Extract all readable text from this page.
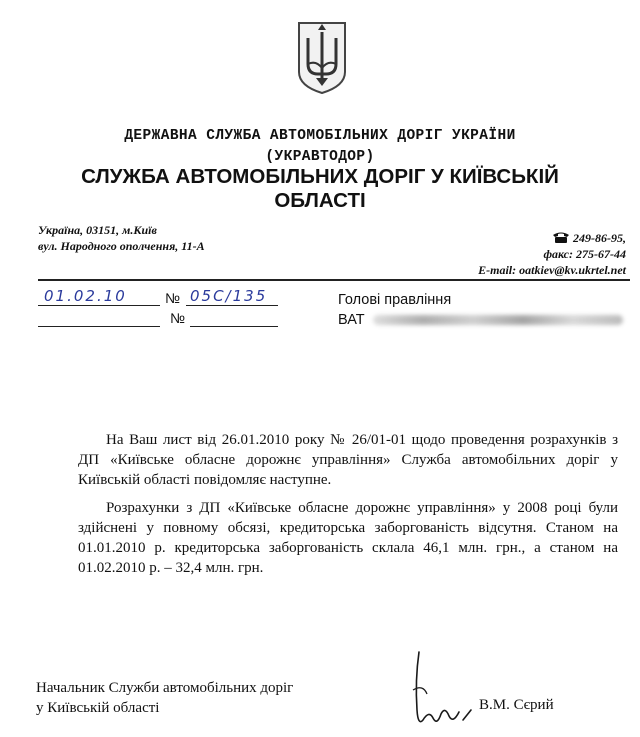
ДЕРЖАВНА СЛУЖБА АВТОМОБІЛЬНИХ ДОРІГ УКРАЇНИ
(УКРАВТОДОР)
СЛУЖБА АВТОМОБІЛЬНИХ ДОРІГ У КИЇВСЬКІЙ
ОБЛАСТІ
Україна, 03151, м.Київ
вул. Народного ополчення, 11-А
249-86-95,
факс: 275-67-44
E-mail: oatkiev@kv.ukrtel.net
01.02.10	№ 05С/135
№
Голові правління
ВАТ

На Ваш лист від 26.01.2010 року № 26/01-01 щодо проведення розрахунків з ДП «Київське обласне дорожнє управління» Служба автомобільних доріг у Київській області повідомляє наступне.

Розрахунки з ДП «Київське обласне дорожнє управління» у 2008 році були здійснені у повному обсязі, кредиторська заборгованість відсутня. Станом на 01.01.2010 р. кредиторська заборгованість склала 46,1 млн. грн., а станом на 01.02.2010 р. – 32,4 млн. грн.

Начальник Служби автомобільних доріг
у Київській області	В.М. Сєрий
